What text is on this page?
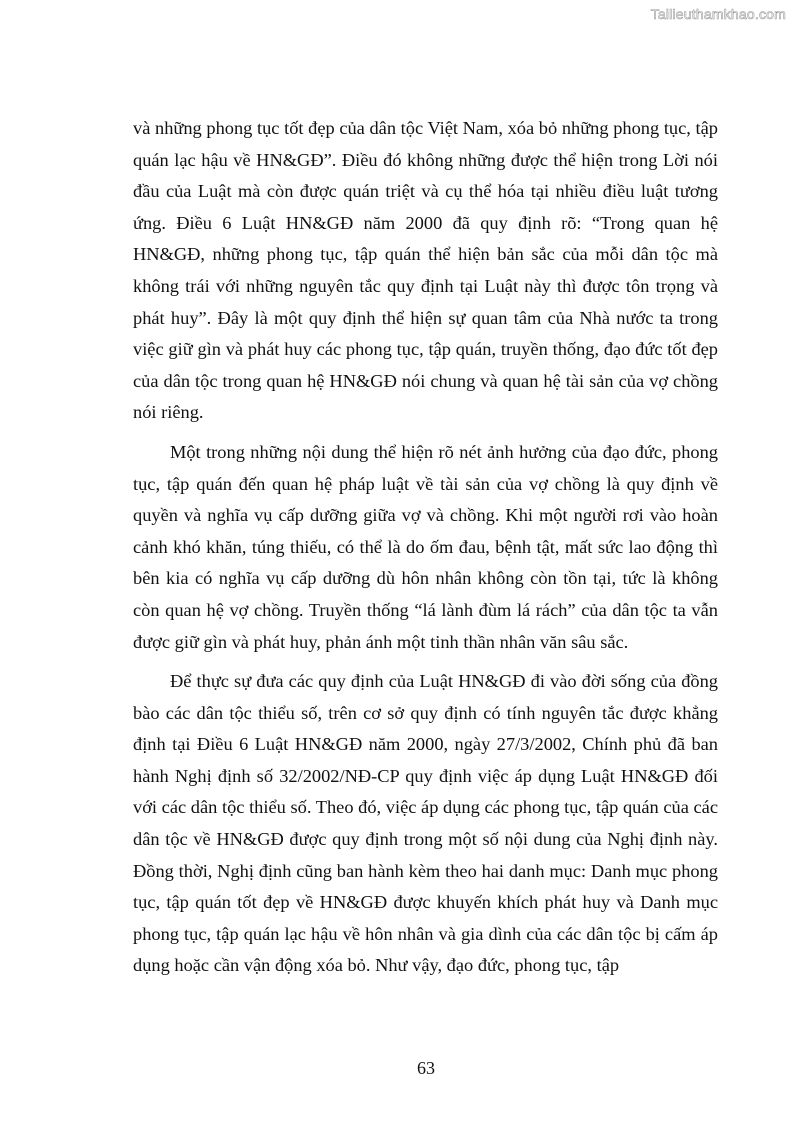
Tailieuthamkhao.com

và những phong tục tốt đẹp của dân tộc Việt Nam, xóa bỏ những phong tục, tập quán lạc hậu về HN&GĐ”. Điều đó không những được thể hiện trong Lời nói đầu của Luật mà còn được quán triệt và cụ thể hóa tại nhiều điều luật tương ứng. Điều 6 Luật HN&GĐ năm 2000 đã quy định rõ: “Trong quan hệ HN&GĐ, những phong tục, tập quán thể hiện bản sắc của mỗi dân tộc mà không trái với những nguyên tắc quy định tại Luật này thì được tôn trọng và phát huy”. Đây là một quy định thể hiện sự quan tâm của Nhà nước ta trong việc giữ gìn và phát huy các phong tục, tập quán, truyền thống, đạo đức tốt đẹp của dân tộc trong quan hệ HN&GĐ nói chung và quan hệ tài sản của vợ chồng nói riêng.

Một trong những nội dung thể hiện rõ nét ảnh hưởng của đạo đức, phong tục, tập quán đến quan hệ pháp luật về tài sản của vợ chồng là quy định về quyền và nghĩa vụ cấp dưỡng giữa vợ và chồng. Khi một người rơi vào hoàn cảnh khó khăn, túng thiếu, có thể là do ốm đau, bệnh tật, mất sức lao động thì bên kia có nghĩa vụ cấp dưỡng dù hôn nhân không còn tồn tại, tức là không còn quan hệ vợ chồng. Truyền thống “lá lành đùm lá rách” của dân tộc ta vẫn được giữ gìn và phát huy, phản ánh một tinh thần nhân văn sâu sắc.

Để thực sự đưa các quy định của Luật HN&GĐ đi vào đời sống của đồng bào các dân tộc thiểu số, trên cơ sở quy định có tính nguyên tắc được khẳng định tại Điều 6 Luật HN&GĐ năm 2000, ngày 27/3/2002, Chính phủ đã ban hành Nghị định số 32/2002/NĐ-CP quy định việc áp dụng Luật HN&GĐ đối với các dân tộc thiểu số. Theo đó, việc áp dụng các phong tục, tập quán của các dân tộc về HN&GĐ được quy định trong một số nội dung của Nghị định này. Đồng thời, Nghị định cũng ban hành kèm theo hai danh mục: Danh mục phong tục, tập quán tốt đẹp về HN&GĐ được khuyến khích phát huy và Danh mục phong tục, tập quán lạc hậu về hôn nhân và gia dình của các dân tộc bị cấm áp dụng hoặc cần vận động xóa bỏ. Như vậy, đạo đức, phong tục, tập

63
